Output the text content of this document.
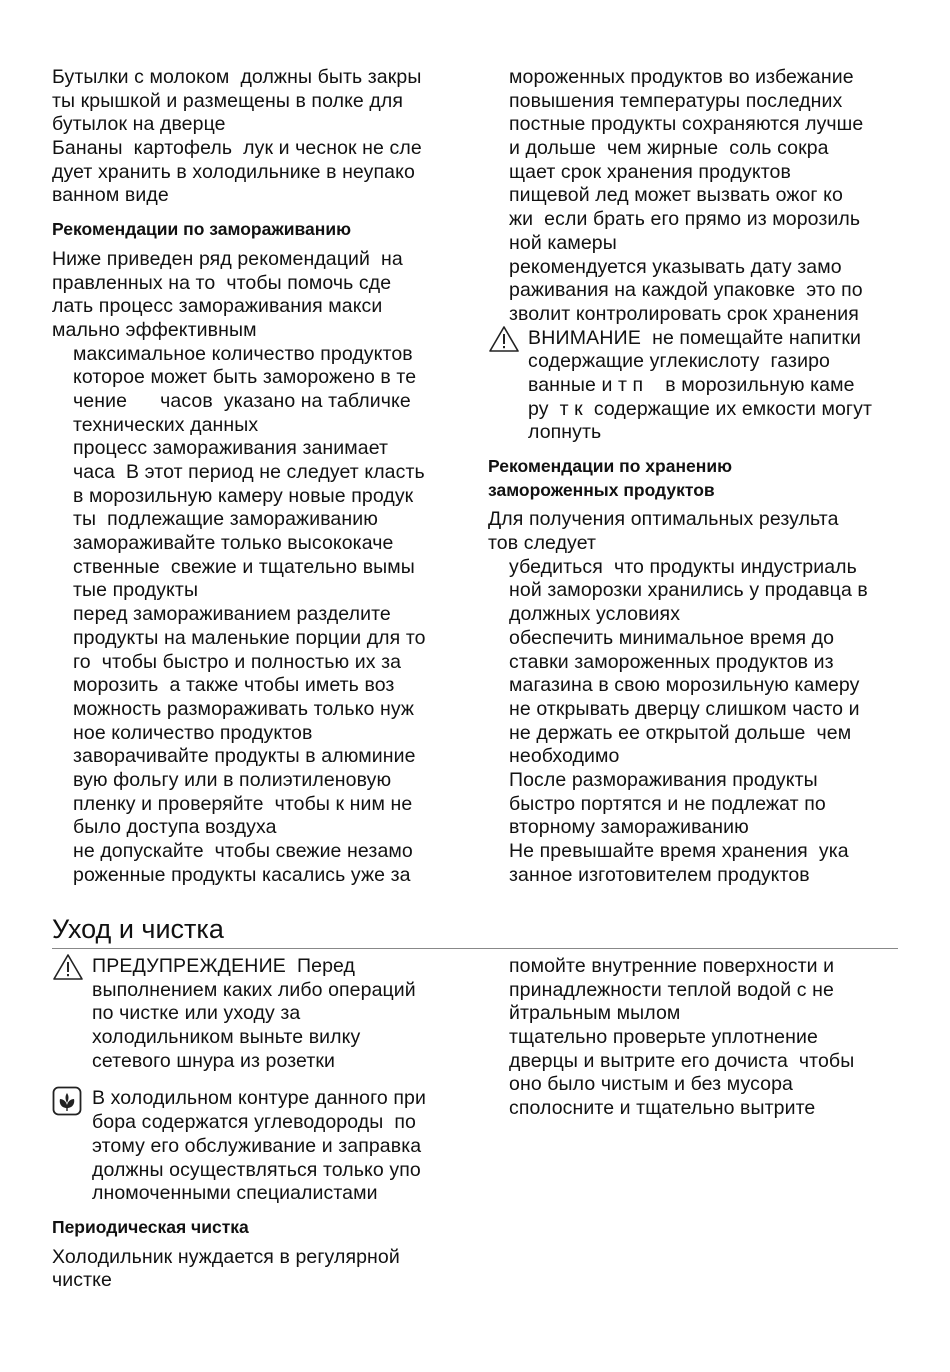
Бутылки с молоком  должны быть закры
ты крышкой и размещены в полке для
бутылок на дверце
Бананы  картофель  лук и чеснок не сле
дует хранить в холодильнике в неупако
ванном виде
Рекомендации по замораживанию
Ниже приведен ряд рекомендаций  на
правленных на то  чтобы помочь сде
лать процесс замораживания макси
мально эффективным
максимальное количество продуктов
которое может быть заморожено в те
чение      часов  указано на табличке
технических данных
процесс замораживания занимает
часа  В этот период не следует класть
в морозильную камеру новые продук
ты  подлежащие замораживанию
замораживайте только высококаче
ственные  свежие и тщательно вымы
тые продукты
перед замораживанием разделите
продукты на маленькие порции для то
го  чтобы быстро и полностью их за
морозить  а также чтобы иметь воз
можность размораживать только нуж
ное количество продуктов
заворачивайте продукты в алюминие
вую фольгу или в полиэтиленовую
пленку и проверяйте  чтобы к ним не
было доступа воздуха
не допускайте  чтобы свежие незамо
роженные продукты касались уже за
мороженных продуктов во избежание
повышения температуры последних
постные продукты сохраняются лучше
и дольше  чем жирные  соль сокра
щает срок хранения продуктов
пищевой лед может вызвать ожог ко
жи  если брать его прямо из морозиль
ной камеры
рекомендуется указывать дату замо
раживания на каждой упаковке  это по
зволит контролировать срок хранения
ВНИМАНИЕ  не помещайте напитки
содержащие углекислоту  газиро
ванные и т п    в морозильную каме
ру  т к  содержащие их емкости могут
лопнуть
Рекомендации по хранению
замороженных продуктов
Для получения оптимальных результа
тов следует
убедиться  что продукты индустриаль
ной заморозки хранились у продавца в
должных условиях
обеспечить минимальное время до
ставки замороженных продуктов из
магазина в свою морозильную камеру
не открывать дверцу слишком часто и
не держать ее открытой дольше  чем
необходимо
После размораживания продукты
быстро портятся и не подлежат по
вторному замораживанию
Не превышайте время хранения  ука
занное изготовителем продуктов
Уход и чистка
ПРЕДУПРЕЖДЕНИЕ  Перед
выполнением каких либо операций
по чистке или уходу за
холодильником выньте вилку
сетевого шнура из розетки
В холодильном контуре данного при
бора содержатся углеводороды  по
этому его обслуживание и заправка
должны осуществляться только упо
лномоченными специалистами
Периодическая чистка
Холодильник нуждается в регулярной
чистке
помойте внутренние поверхности и
принадлежности теплой водой с не
йтральным мылом
тщательно проверьте уплотнение
дверцы и вытрите его дочиста  чтобы
оно было чистым и без мусора
сполосните и тщательно вытрите
